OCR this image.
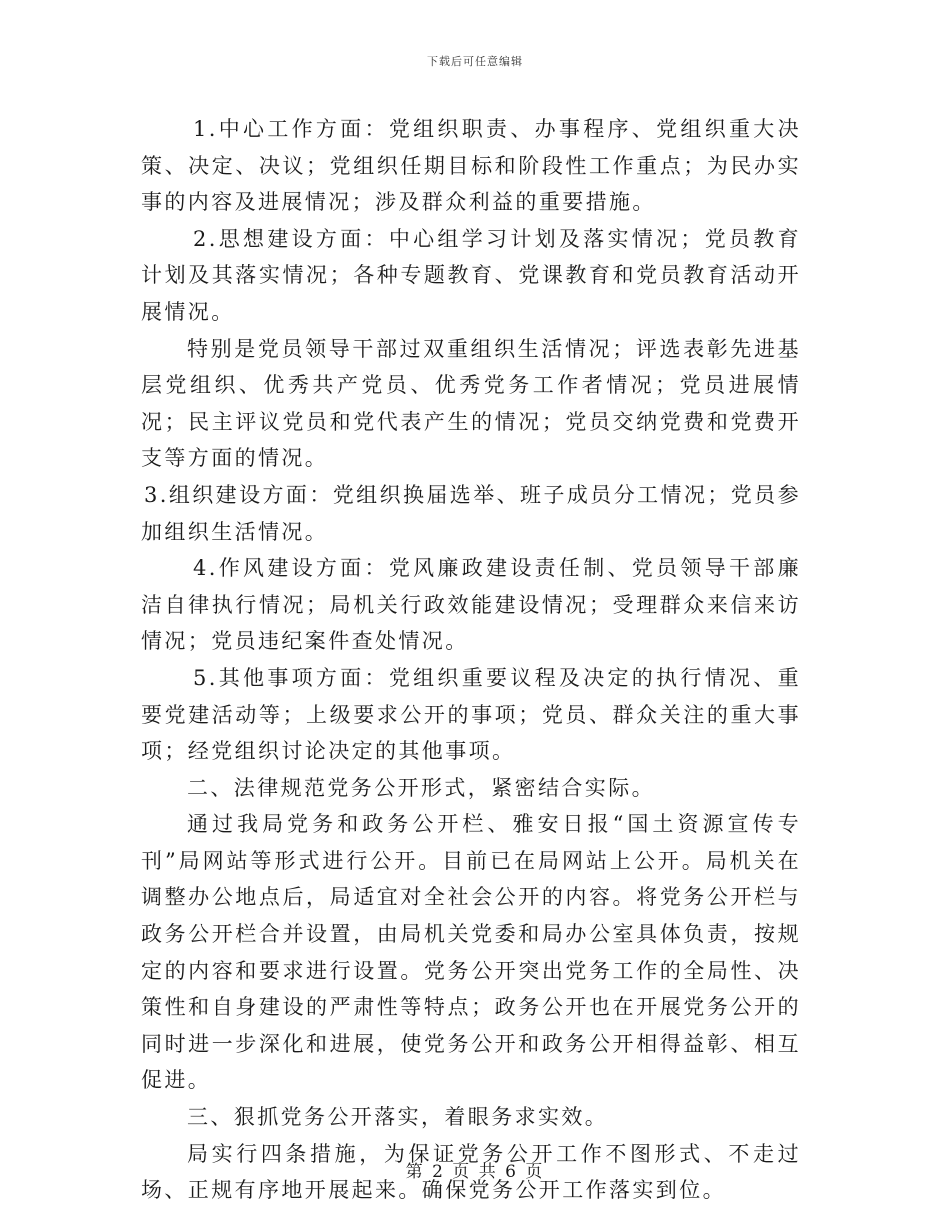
下载后可任意编辑

1.中心工作方面：党组织职责、办事程序、党组织重大决策、决定、决议；党组织任期目标和阶段性工作重点；为民办实事的内容及进展情况；涉及群众利益的重要措施。

2.思想建设方面：中心组学习计划及落实情况；党员教育计划及其落实情况；各种专题教育、党课教育和党员教育活动开展情况。

特别是党员领导干部过双重组织生活情况；评选表彰先进基层党组织、优秀共产党员、优秀党务工作者情况；党员进展情况；民主评议党员和党代表产生的情况；党员交纳党费和党费开支等方面的情况。

3.组织建设方面：党组织换届选举、班子成员分工情况；党员参加组织生活情况。

4.作风建设方面：党风廉政建设责任制、党员领导干部廉洁自律执行情况；局机关行政效能建设情况；受理群众来信来访情况；党员违纪案件查处情况。

5.其他事项方面：党组织重要议程及决定的执行情况、重要党建活动等；上级要求公开的事项；党员、群众关注的重大事项；经党组织讨论决定的其他事项。

二、法律规范党务公开形式，紧密结合实际。

通过我局党务和政务公开栏、雅安日报“国土资源宣传专刊”局网站等形式进行公开。目前已在局网站上公开。局机关在调整办公地点后，局适宜对全社会公开的内容。将党务公开栏与政务公开栏合并设置，由局机关党委和局办公室具体负责，按规定的内容和要求进行设置。党务公开突出党务工作的全局性、决策性和自身建设的严肃性等特点；政务公开也在开展党务公开的同时进一步深化和进展，使党务公开和政务公开相得益彰、相互促进。

三、狠抓党务公开落实，着眼务求实效。

局实行四条措施，为保证党务公开工作不图形式、不走过场、正规有序地开展起来。确保党务公开工作落实到位。

第 2 页 共 6 页
